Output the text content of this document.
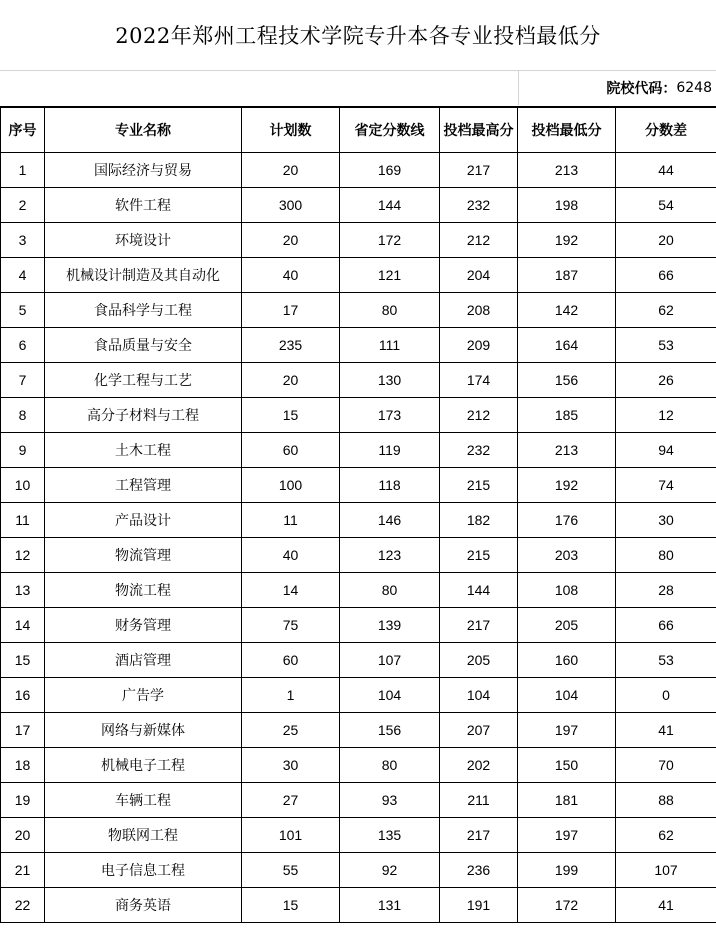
2022年郑州工程技术学院专升本各专业投档最低分
院校代码： 6248
序号	专业名称	计划数	省定分数线	投档最高分	投档最低分	分数差
1	国际经济与贸易	20	169	217	213	44
2	软件工程	300	144	232	198	54
3	环境设计	20	172	212	192	20
4	机械设计制造及其自动化	40	121	204	187	66
5	食品科学与工程	17	80	208	142	62
6	食品质量与安全	235	111	209	164	53
7	化学工程与工艺	20	130	174	156	26
8	高分子材料与工程	15	173	212	185	12
9	土木工程	60	119	232	213	94
10	工程管理	100	118	215	192	74
11	产品设计	11	146	182	176	30
12	物流管理	40	123	215	203	80
13	物流工程	14	80	144	108	28
14	财务管理	75	139	217	205	66
15	酒店管理	60	107	205	160	53
16	广告学	1	104	104	104	0
17	网络与新媒体	25	156	207	197	41
18	机械电子工程	30	80	202	150	70
19	车辆工程	27	93	211	181	88
20	物联网工程	101	135	217	197	62
21	电子信息工程	55	92	236	199	107
22	商务英语	15	131	191	172	41
